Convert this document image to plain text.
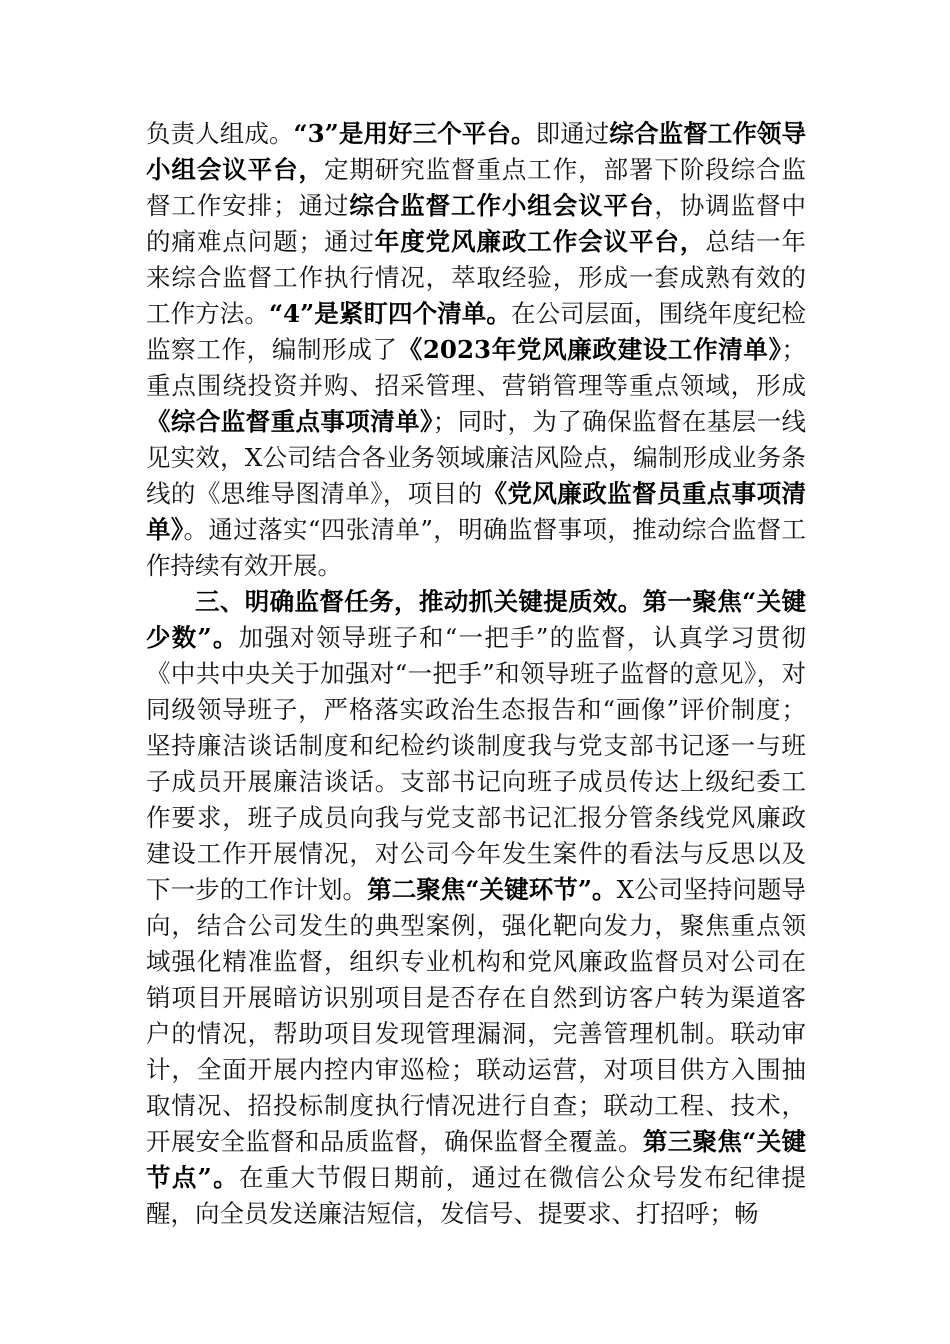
负责人组成。“3”是用好三个平台。即通过综合监督工作领导小组会议平台，定期研究监督重点工作，部署下阶段综合监督工作安排；通过综合监督工作小组会议平台，协调监督中的痛难点问题；通过年度党风廉政工作会议平台，总结一年来综合监督工作执行情况，萃取经验，形成一套成熟有效的工作方法。“4”是紧盯四个清单。在公司层面，围绕年度纪检监察工作，编制形成了《2023年党风廉政建设工作清单》；重点围绕投资并购、招采管理、营销管理等重点领域，形成《综合监督重点事项清单》；同时，为了确保监督在基层一线见实效，X公司结合各业务领域廉洁风险点，编制形成业务条线的《思维导图清单》，项目的《党风廉政监督员重点事项清单》。通过落实“四张清单”，明确监督事项，推动综合监督工作持续有效开展。

三、明确监督任务，推动抓关键提质效。第一聚焦“关键少数”。加强对领导班子和“一把手”的监督，认真学习贯彻《中共中央关于加强对“一把手”和领导班子监督的意见》，对同级领导班子，严格落实政治生态报告和“画像”评价制度；坚持廉洁谈话制度和纪检约谈制度我与党支部书记逐一与班子成员开展廉洁谈话。支部书记向班子成员传达上级纪委工作要求，班子成员向我与党支部书记汇报分管条线党风廉政建设工作开展情况，对公司今年发生案件的看法与反思以及下一步的工作计划。第二聚焦“关键环节”。X公司坚持问题导向，结合公司发生的典型案例，强化靶向发力，聚焦重点领域强化精准监督，组织专业机构和党风廉政监督员对公司在销项目开展暗访识别项目是否存在自然到访客户转为渠道客户的情况，帮助项目发现管理漏洞，完善管理机制。联动审计，全面开展内控内审巡检；联动运营，对项目供方入围抽取情况、招投标制度执行情况进行自查；联动工程、技术，开展安全监督和品质监督，确保监督全覆盖。第三聚焦“关键节点”。在重大节假日期前，通过在微信公众号发布纪律提醒，向全员发送廉洁短信，发信号、提要求、打招呼；畅
